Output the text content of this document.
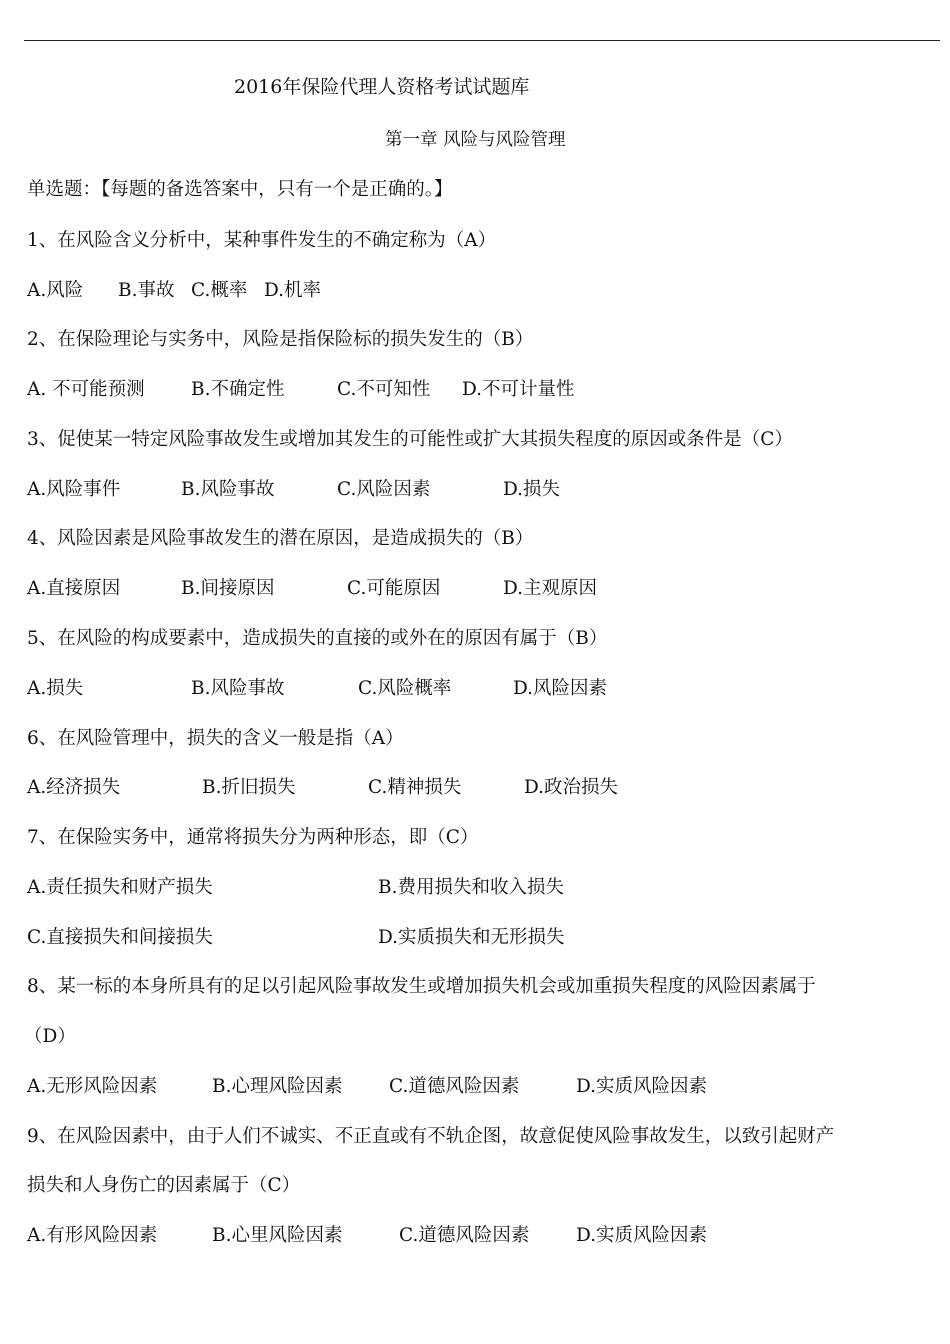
2016年保险代理人资格考试试题库
第一章 风险与风险管理
单选题：【每题的备选答案中，只有一个是正确的。】
1、在风险含义分析中，某种事件发生的不确定称为（A）
A.风险 B.事故 C.概率 D.机率
2、在保险理论与实务中，风险是指保险标的损失发生的（B）
A. 不可能预测	B.不确定性	C.不可知性 D.不可计量性
3、促使某一特定风险事故发生或增加其发生的可能性或扩大其损失程度的原因或条件是（C）
A.风险事件	B.风险事故	C.风险因素	D.损失
4、风险因素是风险事故发生的潜在原因，是造成损失的（B）
A.直接原因	B.间接原因	C.可能原因	D.主观原因
5、在风险的构成要素中，造成损失的直接的或外在的原因有属于（B）
A.损失	B.风险事故	C.风险概率	D.风险因素
6、在风险管理中，损失的含义一般是指（A）
A.经济损失	B.折旧损失	C.精神损失	D.政治损失
7、在保险实务中，通常将损失分为两种形态，即（C）
A.责任损失和财产损失	B.费用损失和收入损失
C.直接损失和间接损失	D.实质损失和无形损失
8、某一标的本身所具有的足以引起风险事故发生或增加损失机会或加重损失程度的风险因素属于
（D）
A.无形风险因素	B.心理风险因素	C.道德风险因素	D.实质风险因素
9、在风险因素中，由于人们不诚实、不正直或有不轨企图，故意促使风险事故发生，以致引起财产
损失和人身伤亡的因素属于（C）
A.有形风险因素	B.心里风险因素	C.道德风险因素	D.实质风险因素
